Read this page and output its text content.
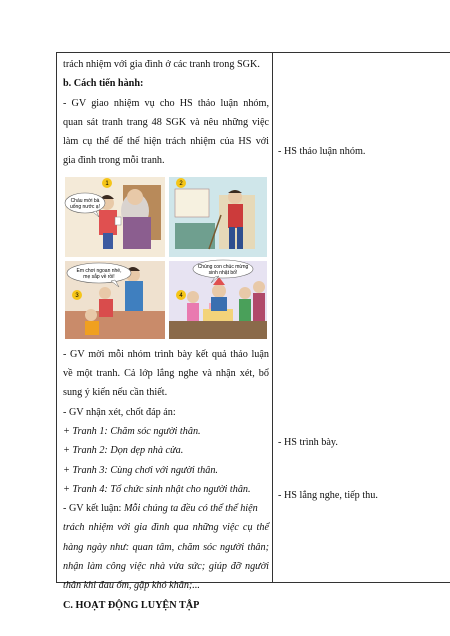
trách nhiệm với gia đình ở các tranh trong SGK.
b. Cách tiến hành:
- GV giao nhiệm vụ cho HS thảo luận nhóm,
quan sát tranh trang 48 SGK và nêu những việc
làm cụ thể để thể hiện trách nhiệm của HS với
gia đình trong mỗi tranh.
Cháu mời bà
uống nước ạ!
1	2
Em chơi ngoan nhé,
mẹ sắp về rồi!
3
Chúng con chúc mừng
sinh nhật bố!
4
- GV mời mỗi nhóm trình bày kết quả thảo luận
về một tranh. Cả lớp lắng nghe và nhận xét, bổ
sung ý kiến nếu cần thiết.
- GV nhận xét, chốt đáp án:
+ Tranh 1: Chăm sóc người thân.
+ Tranh 2: Dọn dẹp nhà cửa.
+ Tranh 3: Cùng chơi với người thân.
+ Tranh 4: Tổ chức sinh nhật cho người thân.
- GV kết luận: Mỗi chúng ta đều có thể thể hiện
trách nhiệm với gia đình qua những việc cụ thể
hàng ngày như: quan tâm, chăm sóc người thân;
nhận làm công việc nhà vừa sức; giúp đỡ người
thân khi đau ốm, gặp khó khăn;...
C. HOẠT ĐỘNG LUYỆN TẬP
- HS thảo luận nhóm.
- HS trình bày.
- HS lắng nghe, tiếp thu.
